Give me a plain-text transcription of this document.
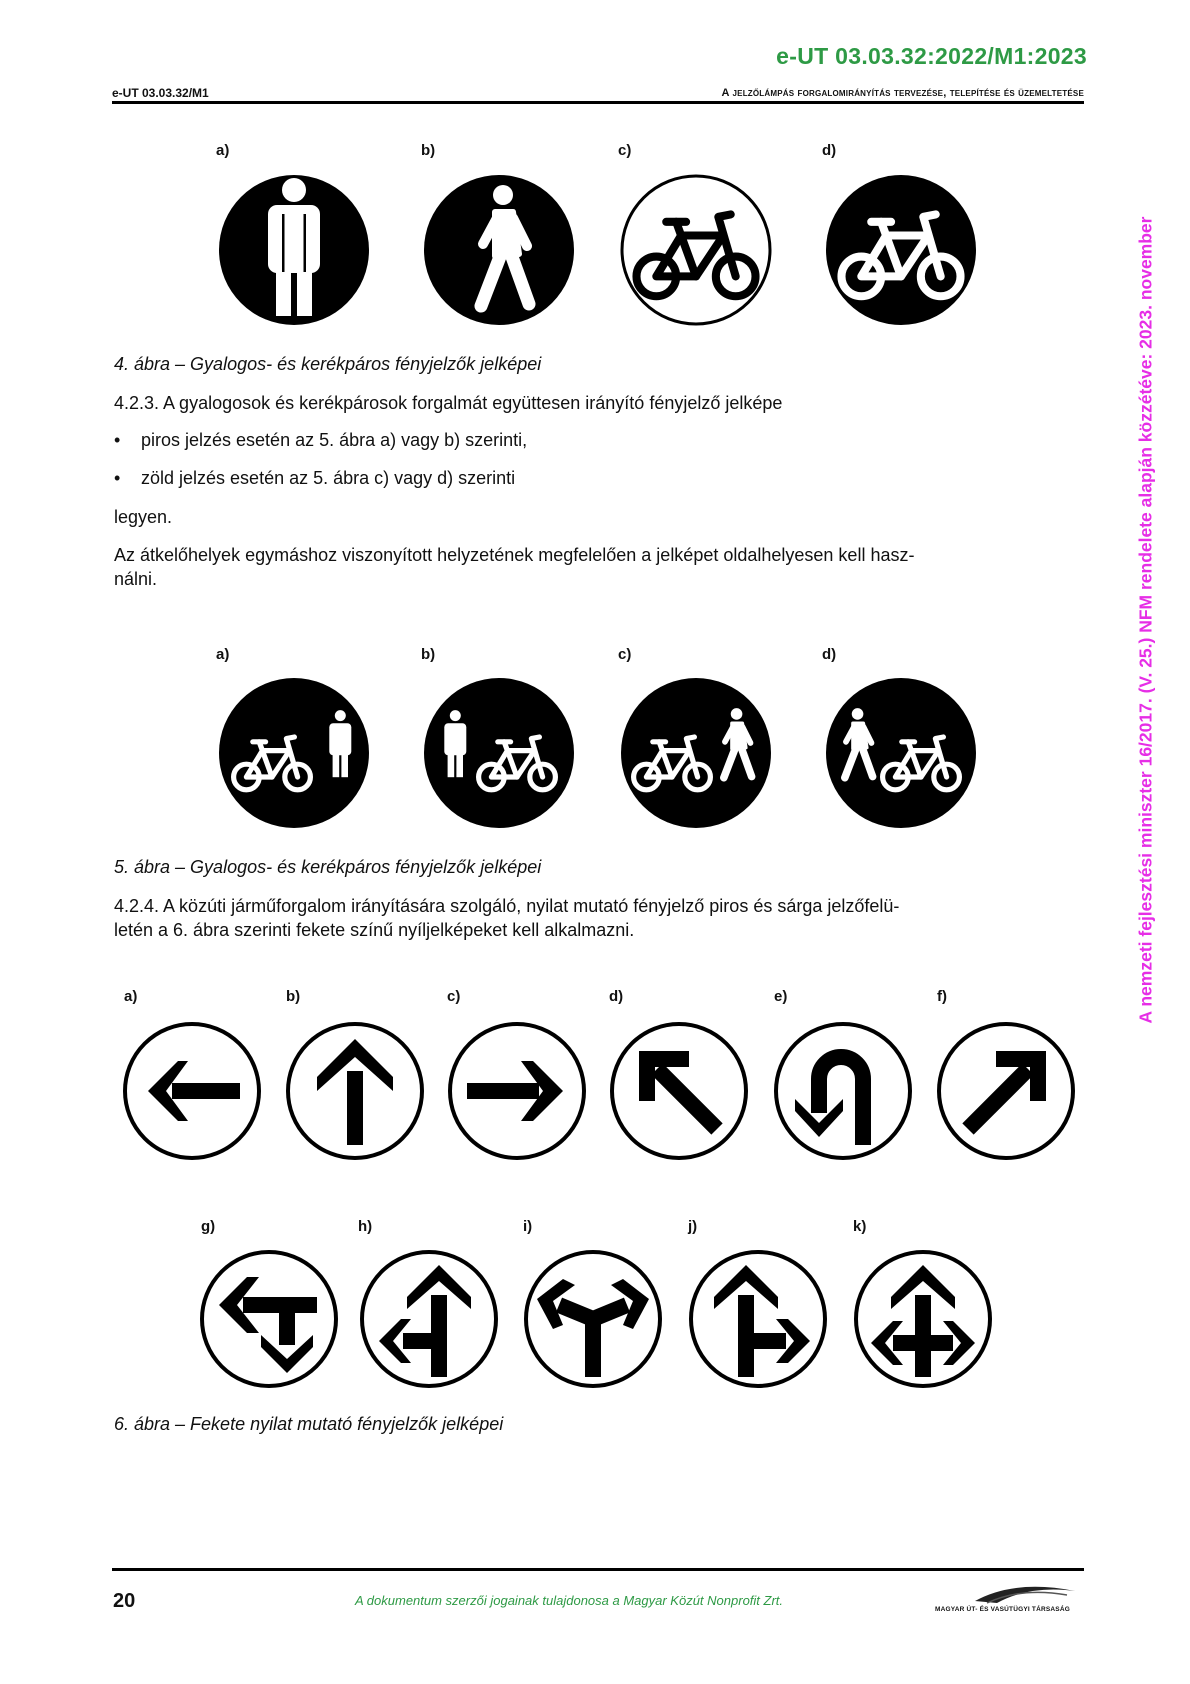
e-UT 03.03.32:2022/M1:2023
e-UT 03.03.32/M1	A jelzőlámpás forgalomirányítás tervezése, telepítése és üzemeltetése
A nemzeti fejlesztési miniszter 16/2017. (V. 25.) NFM rendelete alapján közzétéve: 2023. november
a)	b)	c)	d)
4. ábra – Gyalogos- és kerékpáros fényjelzők jelképei
4.2.3. A gyalogosok és kerékpárosok forgalmát együttesen irányító fényjelző jelképe
• piros jelzés esetén az 5. ábra a) vagy b) szerinti,
• zöld jelzés esetén az 5. ábra c) vagy d) szerinti
legyen.
Az átkelőhelyek egymáshoz viszonyított helyzetének megfelelően a jelképet oldalhelyesen kell hasz-
nálni.
a)	b)	c)	d)
5. ábra – Gyalogos- és kerékpáros fényjelzők jelképei
4.2.4. A közúti járműforgalom irányítására szolgáló, nyilat mutató fényjelző piros és sárga jelzőfelü-
letén a 6. ábra szerinti fekete színű nyíljelképeket kell alkalmazni.
a)	b)	c)	d)	e)	f)
g)	h)	i)	j)	k)
6. ábra – Fekete nyilat mutató fényjelzők jelképei
20	A dokumentum szerzői jogainak tulajdonosa a Magyar Közút Nonprofit Zrt.
MAGYAR ÚT- ÉS VASÚTÜGYI TÁRSASÁG
